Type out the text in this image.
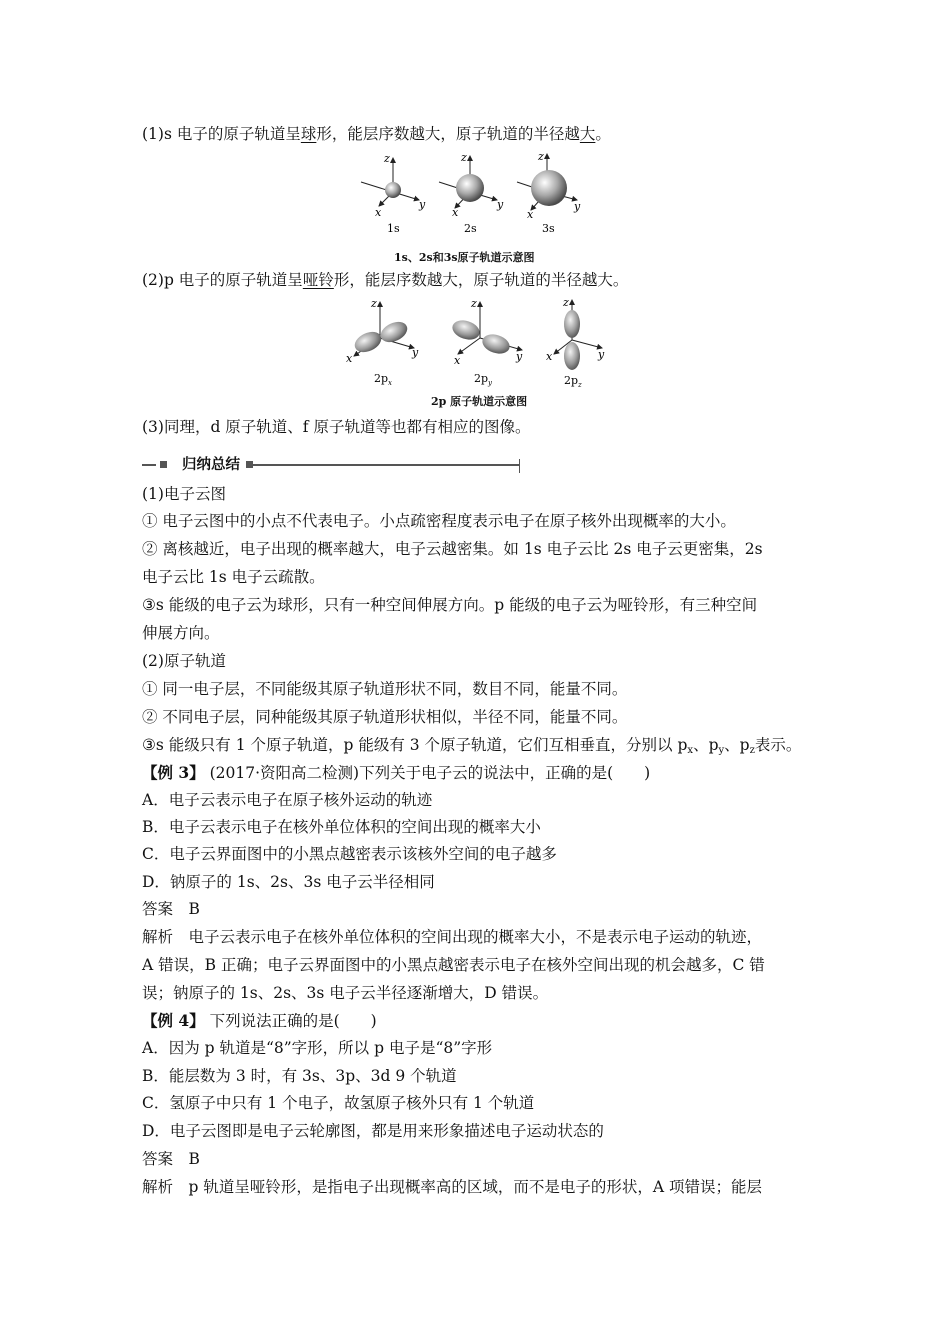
(1)s 电子的原子轨道呈球形，能层序数越大，原子轨道的半径越大。
z
y
x
1s
z
y
x
2s
z
y
x
3s
1s、2s和3s原子轨道示意图
(2)p 电子的原子轨道呈哑铃形，能层序数越大，原子轨道的半径越大。
z
y
x
$2p_x$
z
y
x
$2p_y$
z
y
x
$2p_z$
2p 原子轨道示意图
(3)同理，d 原子轨道、f 原子轨道等也都有相应的图像。
归纳总结
(1)电子云图
① 电子云图中的小点不代表电子。小点疏密程度表示电子在原子核外出现概率的大小。
② 离核越近，电子出现的概率越大，电子云越密集。如 1s 电子云比 2s 电子云更密集，2s
电子云比 1s 电子云疏散。
③s 能级的电子云为球形，只有一种空间伸展方向。p 能级的电子云为哑铃形，有三种空间
伸展方向。
(2)原子轨道
① 同一电子层，不同能级其原子轨道形状不同，数目不同，能量不同。
② 不同电子层，同种能级其原子轨道形状相似，半径不同，能量不同。
③s 能级只有 1 个原子轨道，p 能级有 3 个原子轨道，它们互相垂直，分别以 $p_x$、$p_y$、$p_z$表示。
【例 3】 (2017·资阳高二检测)下列关于电子云的说法中，正确的是(　　)
A．电子云表示电子在原子核外运动的轨迹
B．电子云表示电子在核外单位体积的空间出现的概率大小
C．电子云界面图中的小黑点越密表示该核外空间的电子越多
D．钠原子的 1s、2s、3s 电子云半径相同
答案　B
解析　电子云表示电子在核外单位体积的空间出现的概率大小，不是表示电子运动的轨迹，
A 错误，B 正确；电子云界面图中的小黑点越密表示电子在核外空间出现的机会越多，C 错
误；钠原子的 1s、2s、3s 电子云半径逐渐增大，D 错误。
【例 4】 下列说法正确的是(　　)
A．因为 p 轨道是“8”字形，所以 p 电子是“8”字形
B．能层数为 3 时，有 3s、3p、3d 9 个轨道
C．氢原子中只有 1 个电子，故氢原子核外只有 1 个轨道
D．电子云图即是电子云轮廓图，都是用来形象描述电子运动状态的
答案　B
解析　p 轨道呈哑铃形，是指电子出现概率高的区域，而不是电子的形状，A 项错误；能层
